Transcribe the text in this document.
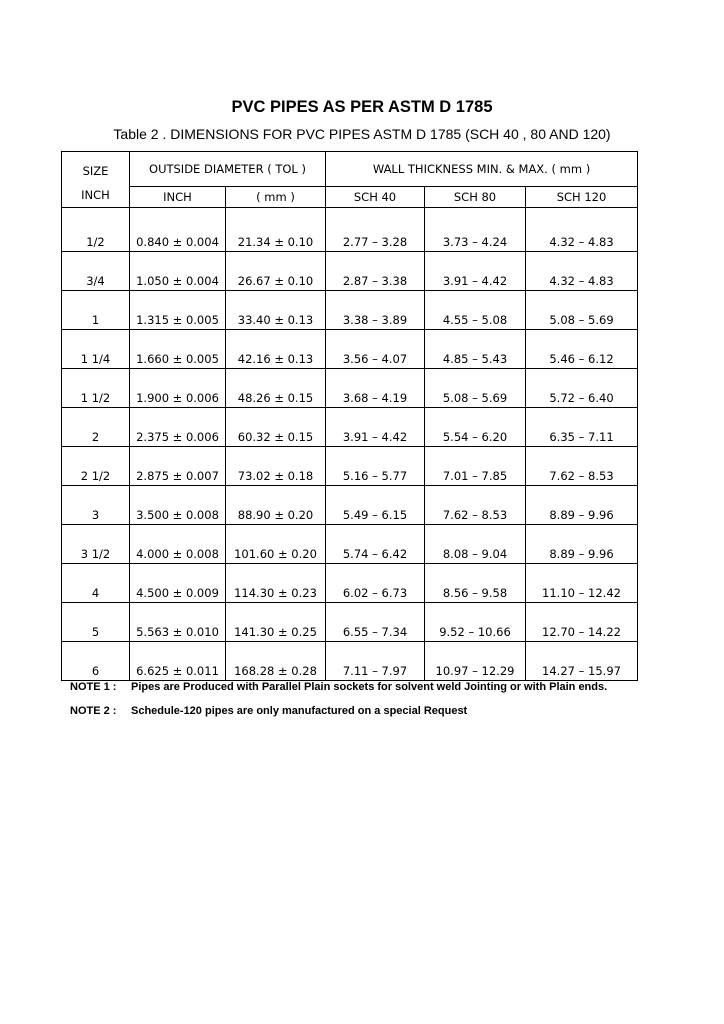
PVC PIPES AS PER ASTM D 1785
Table 2 . DIMENSIONS FOR PVC PIPES ASTM D 1785 (SCH 40 , 80 AND 120)
SIZE
INCH	OUTSIDE DIAMETER ( TOL )		WALL THICKNESS MIN. & MAX. ( mm )		
	INCH	( mm )	SCH 40	SCH 80	SCH 120
1/2	0.840 ± 0.004	21.34 ± 0.10	2.77 – 3.28	3.73 – 4.24	4.32 – 4.83
3/4	1.050 ± 0.004	26.67 ± 0.10	2.87 – 3.38	3.91 – 4.42	4.32 – 4.83
1	1.315 ± 0.005	33.40 ± 0.13	3.38 – 3.89	4.55 – 5.08	5.08 – 5.69
1 1/4	1.660 ± 0.005	42.16 ± 0.13	3.56 – 4.07	4.85 – 5.43	5.46 – 6.12
1 1/2	1.900 ± 0.006	48.26 ± 0.15	3.68 – 4.19	5.08 – 5.69	5.72 – 6.40
2	2.375 ± 0.006	60.32 ± 0.15	3.91 – 4.42	5.54 – 6.20	6.35 – 7.11
2 1/2	2.875 ± 0.007	73.02 ± 0.18	5.16 – 5.77	7.01 – 7.85	7.62 – 8.53
3	3.500 ± 0.008	88.90 ± 0.20	5.49 – 6.15	7.62 – 8.53	8.89 – 9.96
3 1/2	4.000 ± 0.008	101.60 ± 0.20	5.74 – 6.42	8.08 – 9.04	8.89 – 9.96
4	4.500 ± 0.009	114.30 ± 0.23	6.02 – 6.73	8.56 – 9.58	11.10 – 12.42
5	5.563 ± 0.010	141.30 ± 0.25	6.55 – 7.34	9.52 – 10.66	12.70 – 14.22
6	6.625 ± 0.011	168.28 ± 0.28	7.11 – 7.97	10.97 – 12.29	14.27 – 15.97
NOTE 1 :	Pipes are Produced with Parallel Plain sockets for solvent weld Jointing or with Plain ends.
NOTE 2 :	Schedule-120 pipes are only manufactured on a special Request
